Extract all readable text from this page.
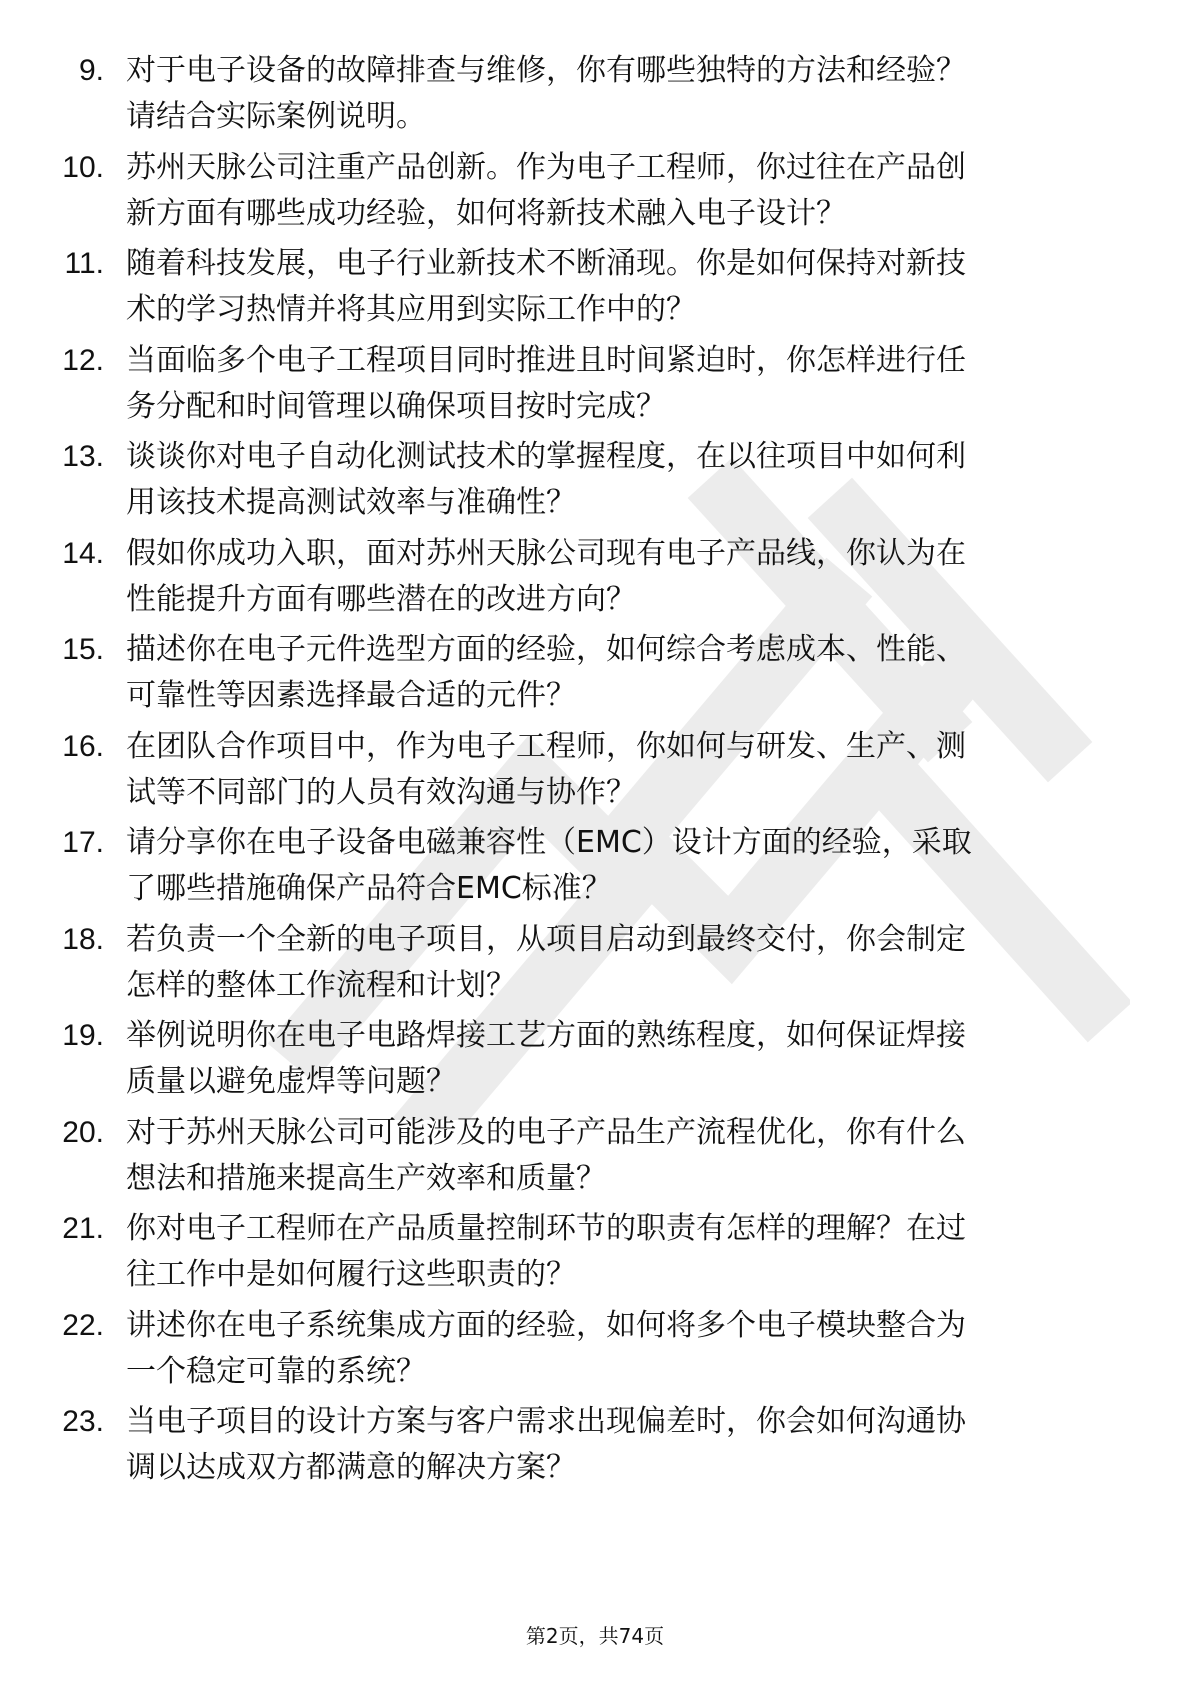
9. 对于电子设备的故障排查与维修，你有哪些独特的方法和经验？
请结合实际案例说明。
10. 苏州天脉公司注重产品创新。作为电子工程师，你过往在产品创
新方面有哪些成功经验，如何将新技术融入电子设计？
11. 随着科技发展，电子行业新技术不断涌现。你是如何保持对新技
术的学习热情并将其应用到实际工作中的？
12. 当面临多个电子工程项目同时推进且时间紧迫时，你怎样进行任
务分配和时间管理以确保项目按时完成？
13. 谈谈你对电子自动化测试技术的掌握程度，在以往项目中如何利
用该技术提高测试效率与准确性？
14. 假如你成功入职，面对苏州天脉公司现有电子产品线，你认为在
性能提升方面有哪些潜在的改进方向？
15. 描述你在电子元件选型方面的经验，如何综合考虑成本、性能、
可靠性等因素选择最合适的元件？
16. 在团队合作项目中，作为电子工程师，你如何与研发、生产、测
试等不同部门的人员有效沟通与协作？
17. 请分享你在电子设备电磁兼容性（EMC）设计方面的经验，采取
了哪些措施确保产品符合EMC标准？
18. 若负责一个全新的电子项目，从项目启动到最终交付，你会制定
怎样的整体工作流程和计划？
19. 举例说明你在电子电路焊接工艺方面的熟练程度，如何保证焊接
质量以避免虚焊等问题？
20. 对于苏州天脉公司可能涉及的电子产品生产流程优化，你有什么
想法和措施来提高生产效率和质量？
21. 你对电子工程师在产品质量控制环节的职责有怎样的理解？在过
往工作中是如何履行这些职责的？
22. 讲述你在电子系统集成方面的经验，如何将多个电子模块整合为
一个稳定可靠的系统？
23. 当电子项目的设计方案与客户需求出现偏差时，你会如何沟通协
调以达成双方都满意的解决方案？
第2页，共74页
